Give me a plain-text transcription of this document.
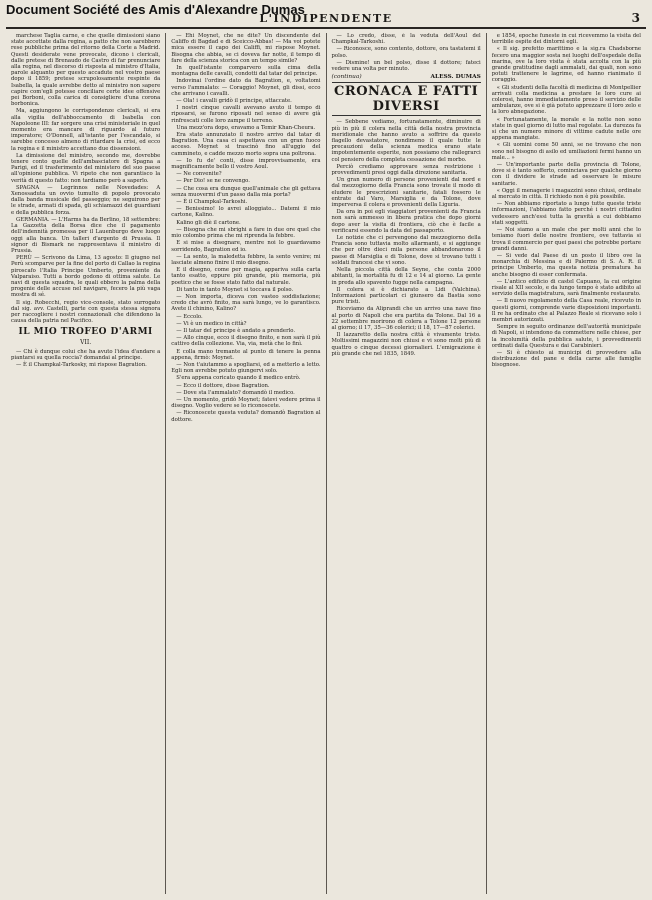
Document Société des Amis d'Alexandre Dumas
L'INDIPENDENTE	3

marchese Taglia carne, e che quelle dimissioni siano state accettate dalla regina, a patto che non sarebbero rese pubbliche prima del ritorno della Corte a Madrid. Questi desiderate vene provocate, dicono i clericali, dalle pretese di Brenaudo de Castro di far prenunciare alla regina, nel discorso di risposta al ministro d'Italia, parole alquanto per questo accadute nel vostro paese dopo il 1859; pretese scrupolosamente respinte da Isabella, la quale avrebbe detto al ministro non sapere capire com'egli potesse conciliare certe idee offensive pei Borboni, colla carica di consigliere d'una corona borbonica.

Ma, aggiungono le corrispondenze clericali, si era alla vigilia dell'abboccamento di Isabella con Napoleone III: far sorgere una crisi ministeriale in quel momento era mancare di riguardo al futuro imperatore; O'Donnell, all'istante per l'escandalo, si sarebbe concesso almeno di ritardare la crisi, ed ecco la regina e il ministro accettano due dissensioni.

La dimissione del ministro, secondo me, dovrebbe tenere conto quelle dell'ambasciatore di Spagna a Parigi, ed il trasferimento del ministero del suo paese all'opinione pubblica. Vi ripeto che non garantisco la verità di questo fatto: non tardiamo però a saperlo.

SPAGNA — Legrinnos nelle Novedades: A Xenossaduta un ovvio tumulto di popolo provocato dalla banda musicale del passeggio; ne seguirono per le strade, armati di spada, gli schiamazzi dei guardiani e della pubblica forza.

GERMANIA. — L'Harms ha da Berlino, 18 settembre: La Gazzetta della Borsa dice che il pagamento dell'indennità promessa per il Lauenburgo deve luogo oggi alla banca. Un talleri d'argento di Prussia. Il signor di Bismark ne rappresentava il ministro di Prussia.

PERÙ — Scrivono da Lima, 13 agosto: Il giugno nel Perù scomparve per la fine del porto di Callao la regina piroscafo l'Italia Principe Umberto, proveniente da Valparaiso. Tutti a bordo godono di ottima salute. Le navi di questa squadra, le quali ebbero la palma della progenie delle accuse nel navigare, fecero la più vaga mostra di sé.

Il sig. Robecchi, regio vice-console, stato surrogato dal sig. avv. Castelli, parte con questa stessa signora per raccogliere i nostri connazionali che difendono la causa della patria nel Pacifico.

IL MIO TROFEO D'ARMI
VII.

— Chi è dunque colui che ha avuto l'idea d'andare a piantarsi su quella roccia? domandai al principe.

— È il Champkal-Tarkosky, mi rispose Bagration.

— Ehi Moynet, che ne dite? Un discendente del Califfo di Bagdad e di Sceicco-Abbas! — Ma voi potete mica essere il capo dei Califfi, mi rispose Moynet. Bisogna che abbia, se ci doveva far notte, il tempo di fare della scienza storica con un tempo simile?

In quell'istante comparvero sulla cima della montagna delle cavalli, condotti dal tatar del principe.

Indovinai l'ordine dato da Bagration, e, voltatomi verso l'ammalato: — Coraggio! Moynet, gli dissi, ecco che arrivano i cavalli.

— Ola! i cavalli gridò il principe, attaccate.

I nostri cinque cavalli avevano avuto il tempo di riposarsi, se furono riposati nel senso di avere già rinfrescati colle loro zampe il terreno.

Una mezz'ora dopo, eravamo a Temir Khan-Cheura.

Era stato annunziato il nostro arrivo dal tatar di Bagration. Una casa ci aspettava con un gran fuoco acceso. Moynet si trascinò fino all'uggio del cammineto, e cadde mezzo morto sopra una poltrona.

— Io fu de' conti, disse improvvisamente, era magnificamente bello il vostro Aoul.

— Ne convenite?

— Per Dio! se ne convengo.

— Che cosa era dunque quell'animale che gli gettava senza muovermi d'un passo dalla mia porta?

— È il Champkal-Tarkoshi.

— Benissimo! lo avrei alloggiato... Datemi il mio cartone, Kalino.

Kalino gli diè il cartone.

— Bisogna che mi sbrighi a fare in due ore quel che mio colombo prima che mi riprenda la febbre.

E si mise a disegnare, mentre noi lo guardavamo sorridendo, Bagration ed io.

— La sento, la maledetta febbre, la sento venire; mi lasciate almeno finire il mio disegno.

E il disegno, come per magia, appariva sulla carta tanto esatto, eppure più grande, più memoria, più poetico che se fosse stato fatto dal naturale.

Di tanto in tanto Moynet si toccava il polso.

— Non importa, diceva con vasteo soddisfazione; credo che avrò finito, ma sarà lungo, ve lo garantisco. Avete il chinino, Kalino?

— Eccolo.

— Vi è un medico in città?

— Il tatar del principe è andato a prenderlo.

— Allo cinque, ecco il disegno finito, e non sarà il più cattivo della collezione. Via, via, metà che lo finì.

E colla mano tremante al punto di tenere la penna appena, firmò: Moynet.

— Non t'aiutammo a spogliarsi, ed a metterlo a letto. Egli non avrebbe potuto giungervi solo.

S'era appena coricato quando il medico entrò.

— Ecco il dottore, disse Bagration.

— Dove sta l'ammalato? domandò il medico.

— Un momento, gridò Moynet; fatevi vedere prima il disegno. Voglio vedere se lo riconoscete.

— Riconoscete questa veduta? domandò Bagration al dottore.

— Lo credo, disse, è la veduta dell'Aoul del Champkal-Tarkoshi.

— Riconosce, sono contento, dottore, ora tastatemi il polso.

— Dismine! un bel polso, disse il dottore; fateci vedere una volta per minuto.

(continua)	ALESS. DUMAS
CRONACA E FATTI DIVERSI

— Sebbene vediamo, fortunatamente, diminuire di più in più il colera nella città della nostra provincia meridionale che hanno avuto a soffrire da questo flagello devastatore, nondimeno il quale tutte le precauzioni della scienza medica erano state impotentemente esperite, non possiamo che rallegrarci col pensiero della completa cessazione del morbo.

Perciò crediamo approvare senza restrizione i provvedimenti presi oggi dalla direzione sanitaria.

Un gran numero di persone provenienti dal nord e dal mezzogiorno della Francia sono trovate il modo di eludere le prescrizioni sanitarie, fatali fossero le entrate dal Varo, Marsiglia e da Tolone, dove imperversa il colera e provenienti della Liguria.

Da ora in poi egli viaggiatori provenienti da Francia non sarà ammesso in libera pratica che dopo giorni dopo aver la visita di frontiera, ciò che è facile a verificarsi essendo la data del passaporto.

Le notizie che ci pervengono dal mezzogiorno della Francia sono tuttavia molto allarmanti, e si aggiunge che per oltre dieci mila persone abbandonarono il paese di Marsiglia e di Tolone, dove si trovano tutti i soldati francesi che vi sono.

Nella piccola città della Seyne, che conta 2000 abitanti, la mortalità fu di 12 e 14 al giorno. La gente in preda allo spavento fugge nella campagna.

Il colera si è dichiarato a Lidi (Valchina). Informazioni particolari ci giunsero da Bastia sono pure tristi.

Riceviamo da Aliprandi che un arrivo una nave fino al porto di Napoli che era partita da Tolone. Dal 16 a 22 settembre morirono di colera a Tolone 12 persone al giorno; il 17, 35—36 colerici; il 18, 17—87 colerici.

Il lazzaretto della nostra città è vivamente tristo. Moltissimi magazzini non chiusi e vi sono molti più di quattro o cinque decessi giornalieri. L'emigrazione è più grande che nel 1835, 1849.

e 1854, epoche funeste in cui ricevemmo la visita del terribile ospite dei dintorni egli.

« Il sig. prefetto marittimo e la sig.ra Chadsborne fecero una maggior sosta nei luoghi dell'ospedale della marina, ove la loro visita è stata accolta con la più grande gratitudine dagli ammalati, dai quali, non sono potuti trattenere le lagrime, ed hanno rianimato il coraggio.

« Gli studenti della facoltà di medicina di Montpellier arrivati colla medicina a prestare le loro cure ai colerosi, hanno immediatamente preso il servizio delle ambulanze, ove si è già potuto apprezzare il loro zelo e la loro abnegazione.

« Fortunatamente, la morale e la notte non sono state in quel giorno di lutto mal regolate. La durezza fa si che un numero minore di vittime cadute nelle ore appena mangiate.

« Gli uomini come 50 anni, se ne trovano che non sono nel bisogno di asilo ed umiliazioni fermi hanno un male... »

— Un'importante parte della provincia di Tolone, dove si è tanto sofferto, cominciava per qualche giorno con il dividere le strade ad osservare le misure sanitarie.

« Oggi il menagerie i magazzini sono chiusi, ordinate al mercato in città. Il richiedo non è più possibile.

— Non abbiamo riportato a lungo tutte queste triste informazioni, l'abbiamo fatto perché i nostri cittadini vedessero anch'essi tutta la gravità a cui dobbiamo stati soggetti.

— Noi siamo a un male che per molti anni che lo teniamo fuori delle nostre frontiere, ove tuttavia si trova il commercio per quei paesi che potrebbe portare grandi danni.

— Si vede dal Paese di un posto il libro ove la monarchia di Messina e di Palermo di S. A. R. il principe Umberto, ma questa notizia prematura ha anche bisogno di esser confermata.

— L'antico edificio di castel Capuano, la cui origine risale al XII secolo, e da lungo tempo è stato adibito al servizio della magistratura, sarà finalmente restaurato.

— Il nuovo regolamento della Casa reale, ricevuto in questi giorni, comprende varie disposizioni importanti. Il re ha ordinato che al Palazzo Reale si ricevano solo i membri autorizzati.

Sempre in seguito ordinanze dell'autorità municipale di Napoli, si intendono da commettere nelle chiese, per la incolumità della pubblica salute, i provvedimenti ordinati dalla Questura e dai Carabinieri.

— Si è chiesto ai municipi di provvedere alla distribuzione del pane e della carne alle famiglie bisognose.
